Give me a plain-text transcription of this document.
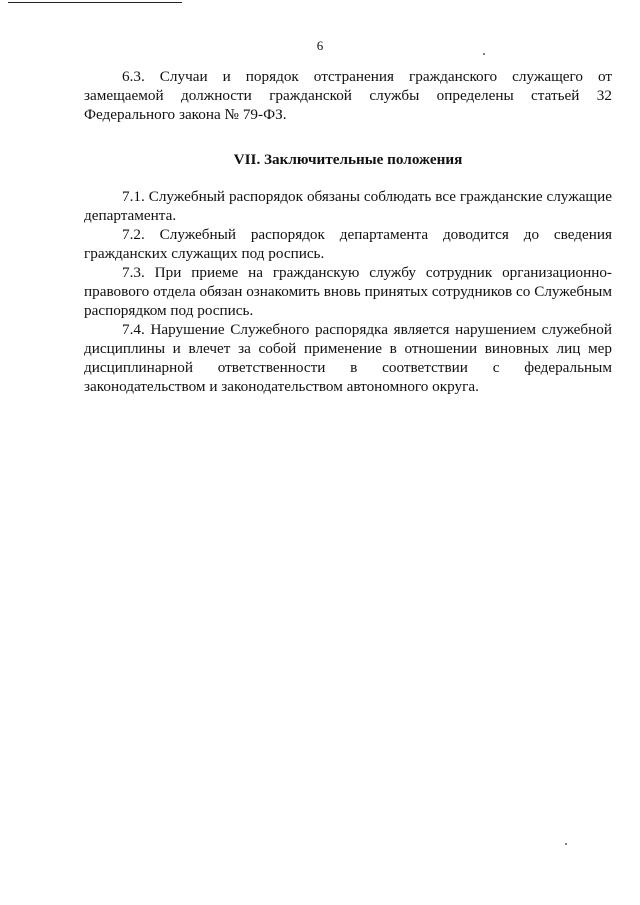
6

6.3. Случаи и порядок отстранения гражданского служащего от замещаемой должности гражданской службы определены статьей 32 Федерального закона № 79-ФЗ.

VII. Заключительные положения

7.1. Служебный распорядок обязаны соблюдать все гражданские служащие департамента.

7.2. Служебный распорядок департамента доводится до сведения гражданских служащих под роспись.

7.3. При приеме на гражданскую службу сотрудник организационно-правового отдела обязан ознакомить вновь принятых сотрудников со Служебным распорядком под роспись.

7.4. Нарушение Служебного распорядка является нарушением служебной дисциплины и влечет за собой применение в отношении виновных лиц мер дисциплинарной ответственности в соответствии с федеральным законодательством и законодательством автономного округа.
